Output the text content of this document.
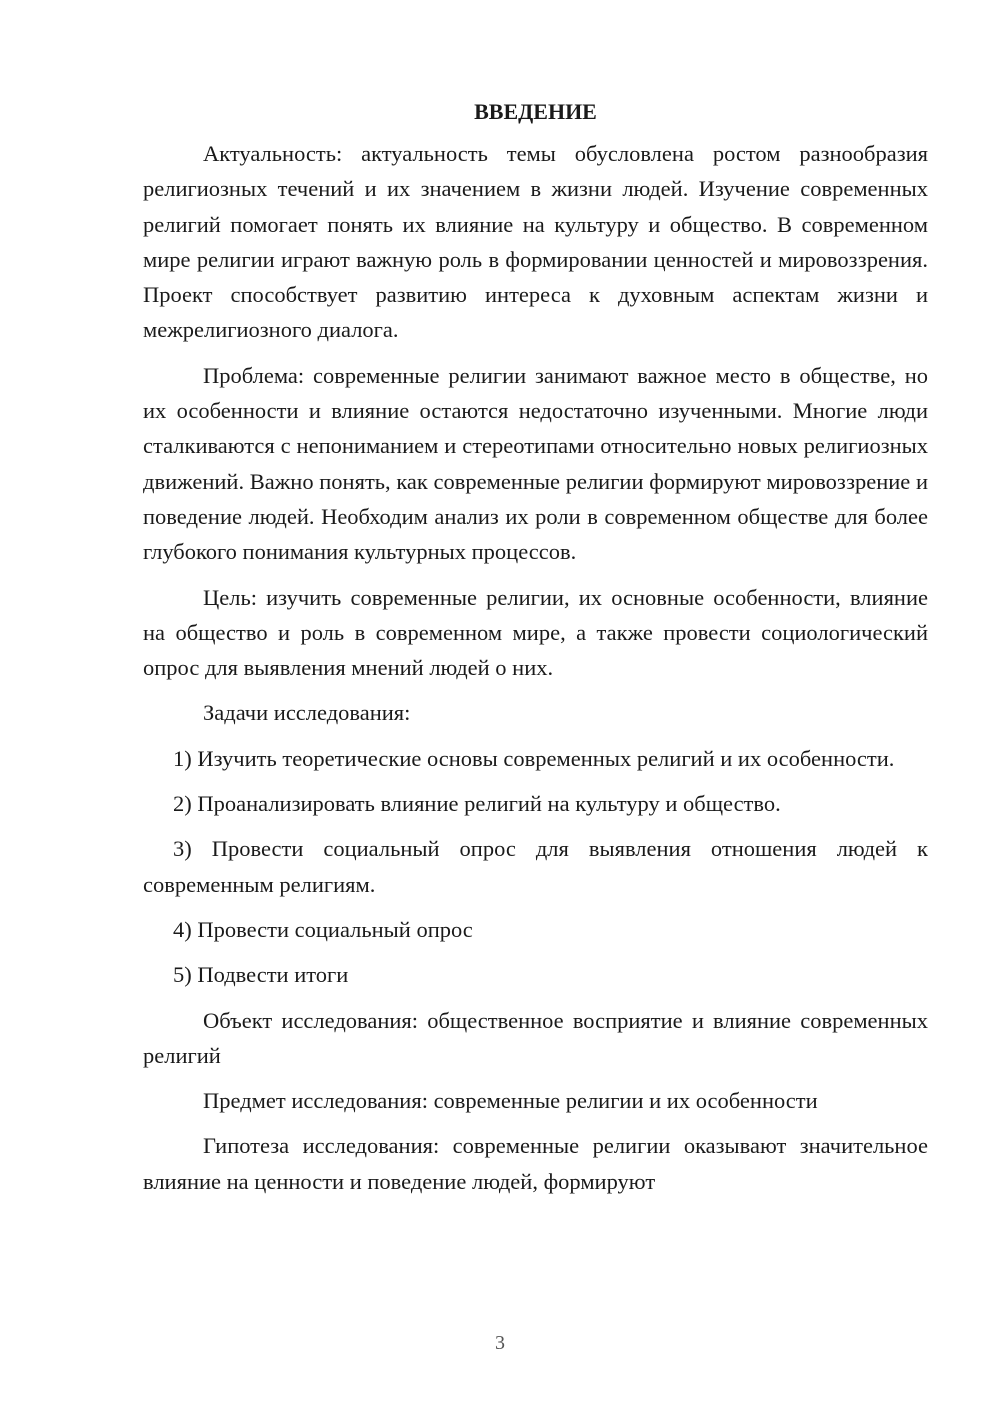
ВВЕДЕНИЕ

Актуальность: актуальность темы обусловлена ростом разнообразия религиозных течений и их значением в жизни людей. Изучение современных религий помогает понять их влияние на культуру и общество. В современном мире религии играют важную роль в формировании ценностей и мировоззрения. Проект способствует развитию интереса к духовным аспектам жизни и межрелигиозного диалога.

Проблема: современные религии занимают важное место в обществе, но их особенности и влияние остаются недостаточно изученными. Многие люди сталкиваются с непониманием и стереотипами относительно новых религиозных движений. Важно понять, как современные религии формируют мировоззрение и поведение людей. Необходим анализ их роли в современном обществе для более глубокого понимания культурных процессов.

Цель: изучить современные религии, их основные особенности, влияние на общество и роль в современном мире, а также провести социологический опрос для выявления мнений людей о них.

Задачи исследования:

1) Изучить теоретические основы современных религий и их особенности.

2) Проанализировать влияние религий на культуру и общество.

3) Провести социальный опрос для выявления отношения людей к современным религиям.

4) Провести социальный опрос

5) Подвести итоги

Объект исследования: общественное восприятие и влияние современных религий

Предмет исследования: современные религии и их особенности

Гипотеза исследования: современные религии оказывают значительное влияние на ценности и поведение людей, формируют

3
